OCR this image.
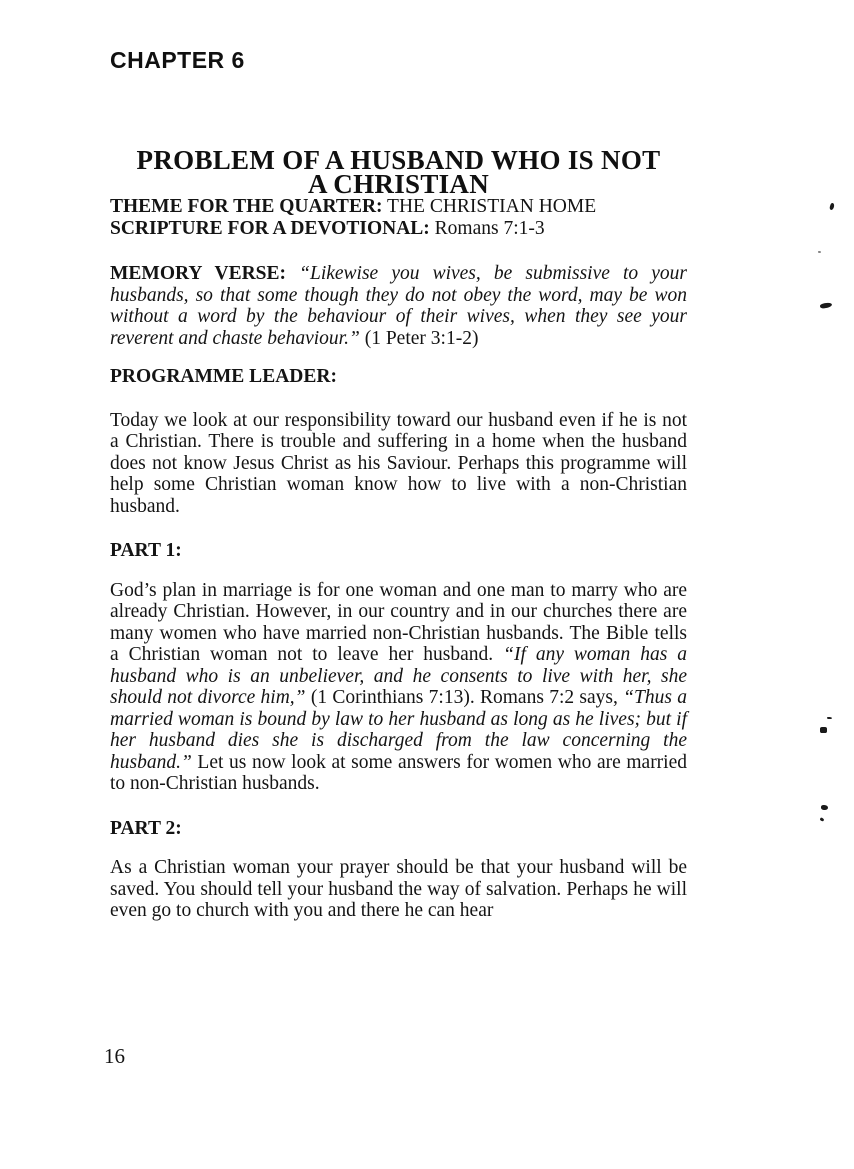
CHAPTER 6
PROBLEM OF A HUSBAND WHO IS NOT
A CHRISTIAN

THEME FOR THE QUARTER: THE CHRISTIAN HOME

SCRIPTURE FOR A DEVOTIONAL: Romans 7:1-3

MEMORY VERSE: “Likewise you wives, be submissive to your husbands, so that some though they do not obey the word, may be won without a word by the behaviour of their wives, when they see your reverent and chaste behaviour.” (1 Peter 3:1-2)

PROGRAMME LEADER:

Today we look at our responsibility toward our husband even if he is not a Christian. There is trouble and suffering in a home when the husband does not know Jesus Christ as his Saviour. Perhaps this programme will help some Christian woman know how to live with a non-Christian husband.

PART 1:

God’s plan in marriage is for one woman and one man to marry who are already Christian. However, in our country and in our churches there are many women who have married non-Christian husbands. The Bible tells a Christian woman not to leave her husband. “If any woman has a husband who is an unbeliever, and he consents to live with her, she should not divorce him,” (1 Corinthians 7:13). Romans 7:2 says, “Thus a married woman is bound by law to her husband as long as he lives; but if her husband dies she is discharged from the law concerning the husband.” Let us now look at some answers for women who are married to non-Christian husbands.

PART 2:

As a Christian woman your prayer should be that your husband will be saved. You should tell your husband the way of salvation. Perhaps he will even go to church with you and there he can hear

16
